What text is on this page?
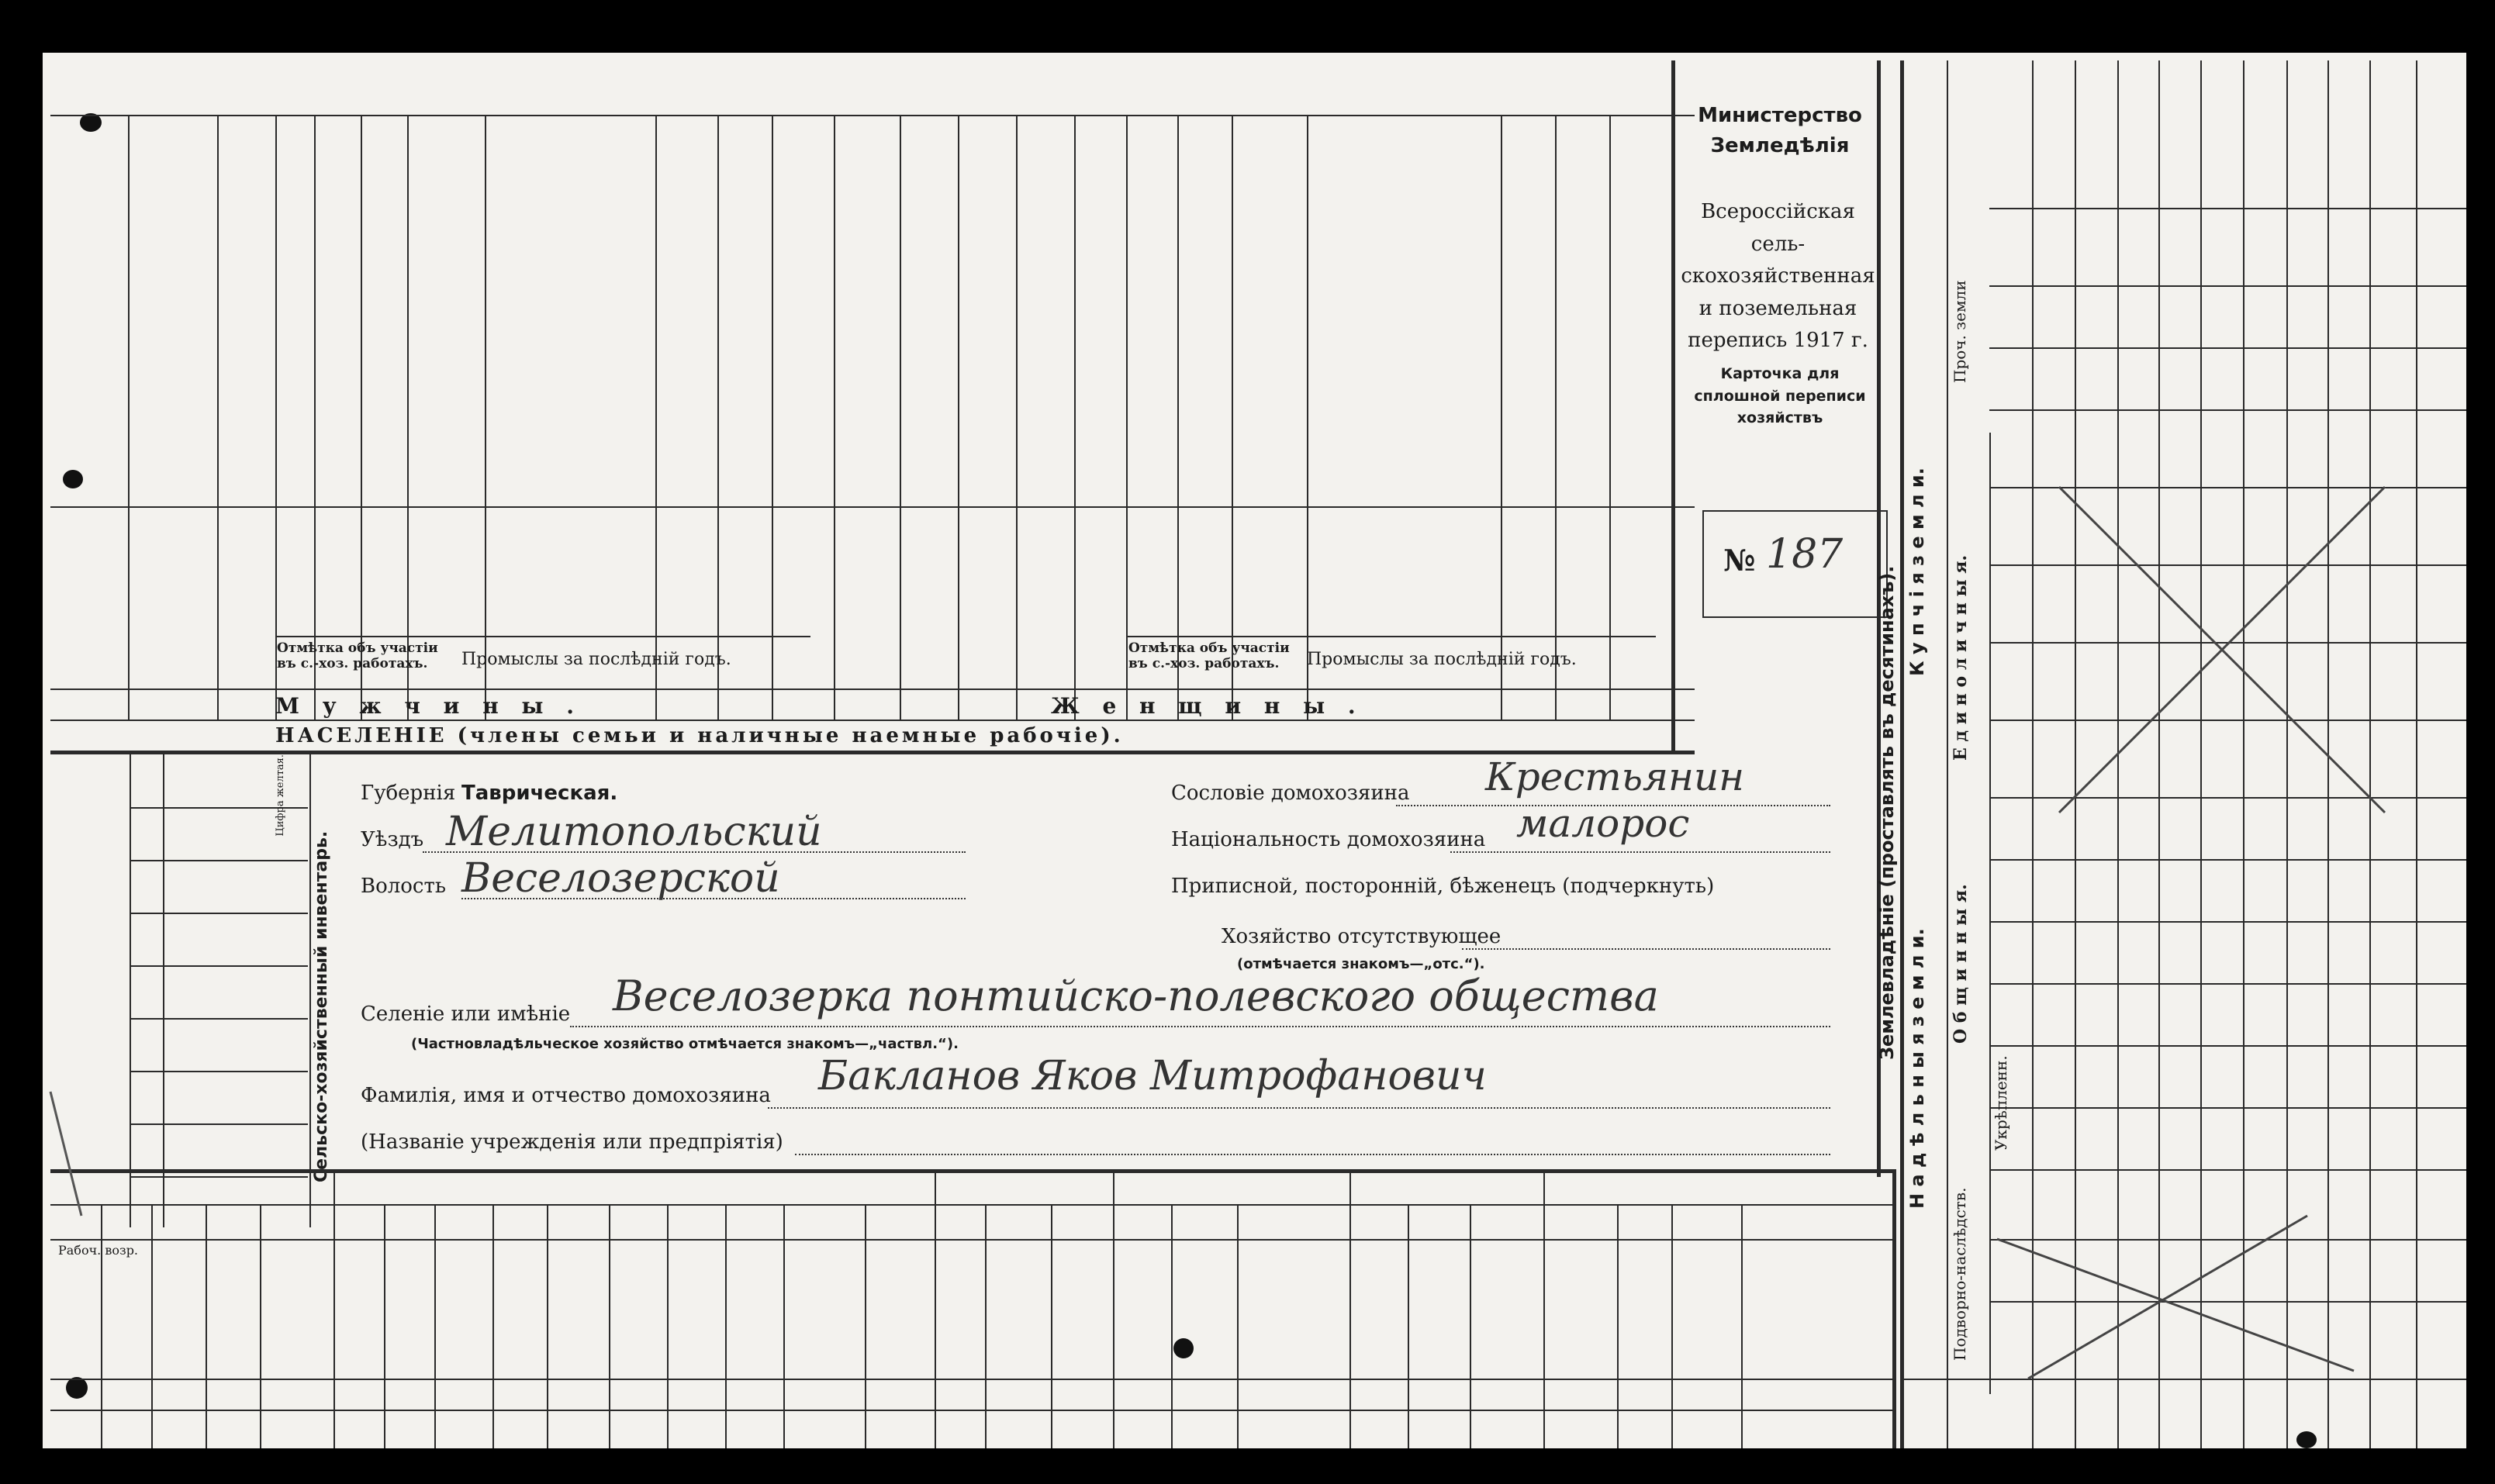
Отмѣтка объ участіи въ с.-хоз. работахъ.	Промыслы за послѣдній годъ.
Отмѣтка объ участіи въ с.-хоз. работахъ.	Промыслы за послѣдній годъ.
М у ж ч и н ы .	Ж е н щ и н ы .
НАСЕЛЕНІЕ (члены семьи и наличные наемные рабочіе).
Министерство Земледѣлія
Всероссійская сель-скохозяйственная и поземельная перепись 1917 г.
Карточка для сплошной переписи хозяйствъ
№ 187
Сельско-хозяйственный инвентарь.
Цифра желтая.	Губернія Таврическая.
Уѣздъ Мелитопольский
Волость Веселозерской
Сословіе домохозяина Крестьянин
Національность домохозяина малорос
Приписной, посторонній, бѣженецъ (подчеркнуть)
Хозяйство отсутствующее
(отмѣчается знакомъ—„отс.“).
Селеніе или имѣніе Веселозерка понтийско-полевского общества
(Частновладѣльческое хозяйство отмѣчается знакомъ—„частвл.“).
Фамилія, имя и отчество домохозяина Бакланов Яков Митрофанович
(Названіе учрежденія или предпріятія)
Рабоч. возр.
Землевладѣніе (проставлять въ десятинахъ).
Н а д ѣ л ь н ы я з е м л и.
К у п ч і я з е м л и.
Подворно-наслѣдств.
О б щ и н н ы я.
Укрѣпленн.
Е д и н о л и ч н ы я.
Проч. земли
